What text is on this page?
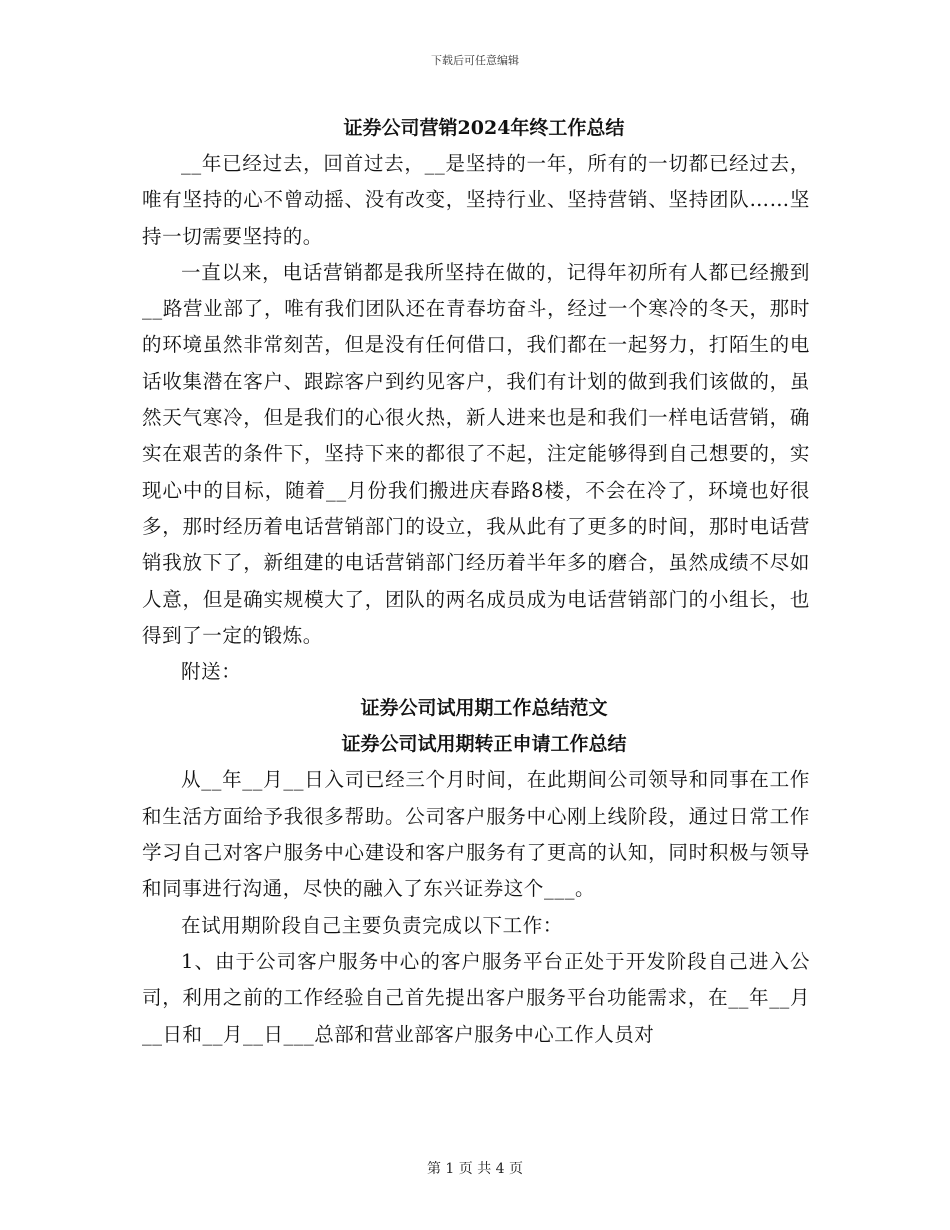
下载后可任意编辑
证券公司营销2024年终工作总结

__年已经过去，回首过去，__是坚持的一年，所有的一切都已经过去，唯有坚持的心不曾动摇、没有改变，坚持行业、坚持营销、坚持团队……坚持一切需要坚持的。

一直以来，电话营销都是我所坚持在做的，记得年初所有人都已经搬到__路营业部了，唯有我们团队还在青春坊奋斗，经过一个寒冷的冬天，那时的环境虽然非常刻苦，但是没有任何借口，我们都在一起努力，打陌生的电话收集潜在客户、跟踪客户到约见客户，我们有计划的做到我们该做的，虽然天气寒冷，但是我们的心很火热，新人进来也是和我们一样电话营销，确实在艰苦的条件下，坚持下来的都很了不起，注定能够得到自己想要的，实现心中的目标，随着__月份我们搬进庆春路8楼，不会在冷了，环境也好很多，那时经历着电话营销部门的设立，我从此有了更多的时间，那时电话营销我放下了，新组建的电话营销部门经历着半年多的磨合，虽然成绩不尽如人意，但是确实规模大了，团队的两名成员成为电话营销部门的小组长，也得到了一定的锻炼。

附送：

证券公司试用期工作总结范文
证券公司试用期转正申请工作总结

从__年__月__日入司已经三个月时间，在此期间公司领导和同事在工作和生活方面给予我很多帮助。公司客户服务中心刚上线阶段，通过日常工作学习自己对客户服务中心建设和客户服务有了更高的认知，同时积极与领导和同事进行沟通，尽快的融入了东兴证券这个___。

在试用期阶段自己主要负责完成以下工作：

1、由于公司客户服务中心的客户服务平台正处于开发阶段自己进入公司，利用之前的工作经验自己首先提出客户服务平台功能需求，在__年__月__日和__月__日___总部和营业部客户服务中心工作人员对

第 1 页 共 4 页
